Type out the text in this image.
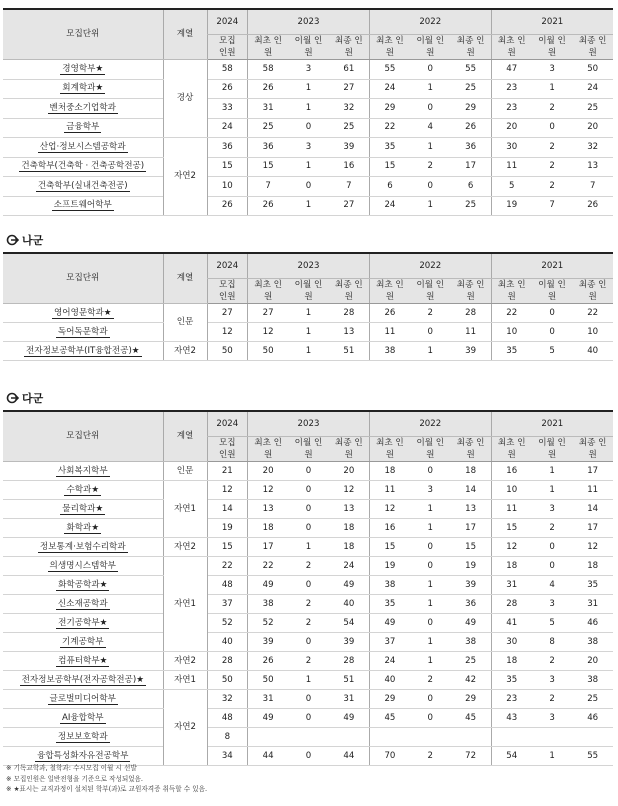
모집단위	계열	2024	2023			2022			2021		
		모집 인원	최초 인원	이월 인원	최종 인원	최초 인원	이월 인원	최종 인원	최초 인원	이월 인원	최종 인원
경영학부★	경상	58	58	3	61	55	0	55	47	3	50
회계학과★		26	26	1	27	24	1	25	23	1	24
벤처중소기업학과		33	31	1	32	29	0	29	23	2	25
금융학부		24	25	0	25	22	4	26	20	0	20
산업·정보시스템공학과	자연2	36	36	3	39	35	1	36	30	2	32
건축학부(건축학 · 건축공학전공)		15	15	1	16	15	2	17	11	2	13
건축학부(실내건축전공)		10	7	0	7	6	0	6	5	2	7
소프트웨어학부		26	26	1	27	24	1	25	19	7	26
나군
모집단위	계열	2024	2023			2022			2021		
		모집 인원	최초 인원	이월 인원	최종 인원	최초 인원	이월 인원	최종 인원	최초 인원	이월 인원	최종 인원
영어영문학과★	인문	27	27	1	28	26	2	28	22	0	22
독어독문학과		12	12	1	13	11	0	11	10	0	10
전자정보공학부(IT융합전공)★	자연2	50	50	1	51	38	1	39	35	5	40
다군
모집단위	계열	2024	2023			2022			2021		
		모집 인원	최초 인원	이월 인원	최종 인원	최초 인원	이월 인원	최종 인원	최초 인원	이월 인원	최종 인원
사회복지학부	인문	21	20	0	20	18	0	18	16	1	17
수학과★	자연1	12	12	0	12	11	3	14	10	1	11
물리학과★		14	13	0	13	12	1	13	11	3	14
화학과★		19	18	0	18	16	1	17	15	2	17
정보통계·보험수리학과	자연2	15	17	1	18	15	0	15	12	0	12
의생명시스템학부	자연1	22	22	2	24	19	0	19	18	0	18
화학공학과★		48	49	0	49	38	1	39	31	4	35
신소재공학과		37	38	2	40	35	1	36	28	3	31
전기공학부★		52	52	2	54	49	0	49	41	5	46
기계공학부		40	39	0	39	37	1	38	30	8	38
컴퓨터학부★	자연2	28	26	2	28	24	1	25	18	2	20
전자정보공학부(전자공학전공)★	자연1	50	50	1	51	40	2	42	35	3	38
글로벌미디어학부	자연2	32	31	0	31	29	0	29	23	2	25
AI융합학부		48	49	0	49	45	0	45	43	3	46
정보보호학과		8									
융합특성화자유전공학부		34	44	0	44	70	2	72	54	1	55
※ 기독교학과, 철학과: 수시모집 이월 시 선발
※ 모집인원은 일반전형을 기준으로 작성되었음.
※ ★표시는 교직과정이 설치된 학부(과)로 교원자격증 취득할 수 있음.
